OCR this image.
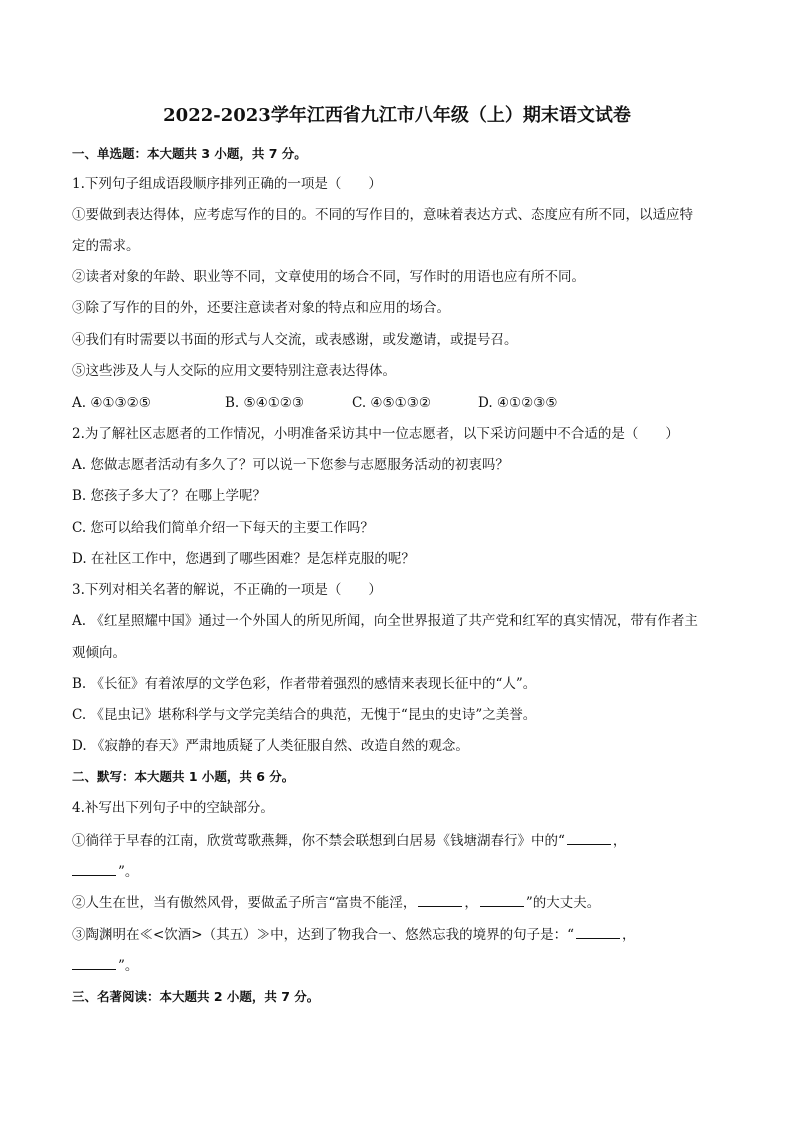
2022-2023学年江西省九江市八年级（上）期末语文试卷
一、单选题：本大题共 3 小题，共 7 分。
1.下列句子组成语段顺序排列正确的一项是（　　）
①要做到表达得体，应考虑写作的目的。不同的写作目的，意味着表达方式、态度应有所不同，以适应特
定的需求。
②读者对象的年龄、职业等不同，文章使用的场合不同，写作时的用语也应有所不同。
③除了写作的目的外，还要注意读者对象的特点和应用的场合。
④我们有时需要以书面的形式与人交流，或表感谢，或发邀请，或提号召。
⑤这些涉及人与人交际的应用文要特别注意表达得体。
A. ④①③②⑤	B. ⑤④①②③	C. ④⑤①③②	D. ④①②③⑤
2.为了解社区志愿者的工作情况，小明准备采访其中一位志愿者，以下采访问题中不合适的是（　　）
A. 您做志愿者活动有多久了？可以说一下您参与志愿服务活动的初衷吗？
B. 您孩子多大了？在哪上学呢？
C. 您可以给我们简单介绍一下每天的主要工作吗？
D. 在社区工作中，您遇到了哪些困难？是怎样克服的呢？
3.下列对相关名著的解说，不正确的一项是（　　）
A. 《红星照耀中国》通过一个外国人的所见所闻，向全世界报道了共产党和红军的真实情况，带有作者主
观倾向。
B. 《长征》有着浓厚的文学色彩，作者带着强烈的感情来表现长征中的“人”。
C. 《昆虫记》堪称科学与文学完美结合的典范，无愧于“昆虫的史诗”之美誉。
D. 《寂静的春天》严肃地质疑了人类征服自然、改造自然的观念。
二、默写：本大题共 1 小题，共 6 分。
4.补写出下列句子中的空缺部分。
①徜徉于早春的江南，欣赏莺歌燕舞，你不禁会联想到白居易《钱塘湖春行》中的“	，
”。
②人生在世，当有傲然风骨，要做孟子所言“富贵不能淫，	，	”的大丈夫。
③陶渊明在≪<饮酒>（其五）≫中，达到了物我合一、悠然忘我的境界的句子是：“	，
”。
三、名著阅读：本大题共 2 小题，共 7 分。
